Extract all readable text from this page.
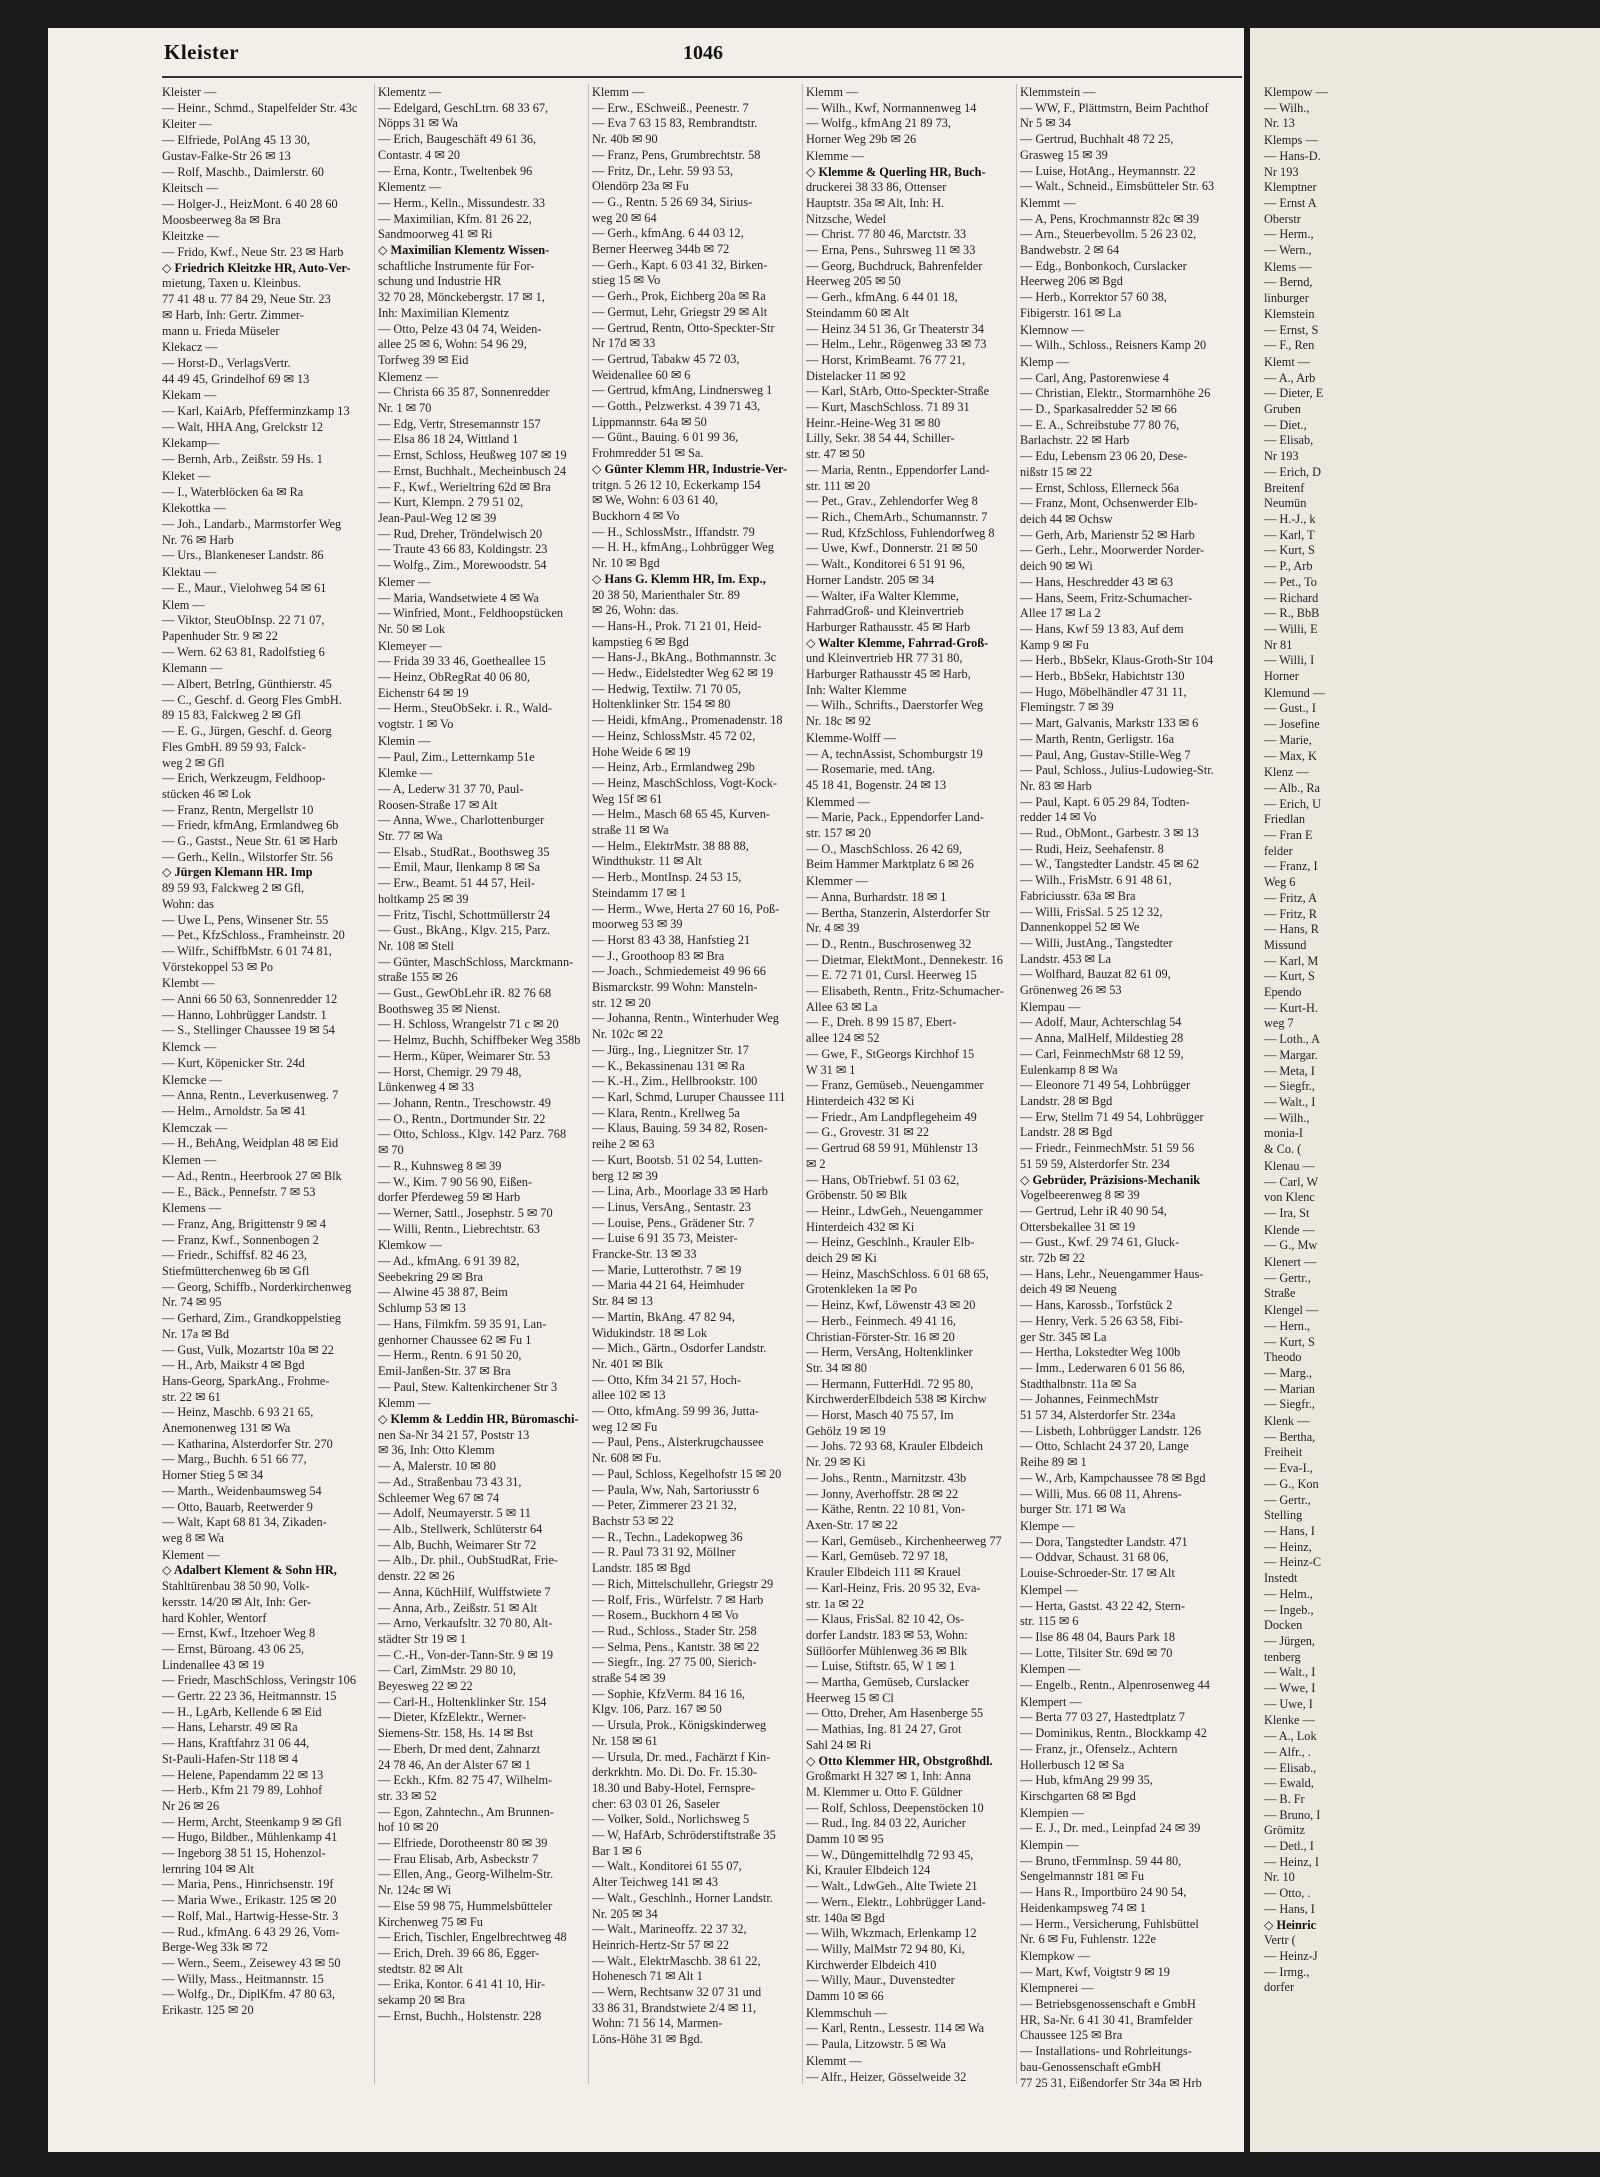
Kleister	1046
Kleister —
— Heinr., Schmd., Stapelfelder Str. 43c
Kleiter —
— Elfriede, PolAng 45 13 30,
Gustav-Falke-Str 26 ✉ 13
— Rolf, Maschb., Daimlerstr. 60
Kleitsch —
— Holger-J., HeizMont. 6 40 28 60
Moosbeerweg 8a ✉ Bra
Kleitzke —
— Frido, Kwf., Neue Str. 23 ✉ Harb
◇ Friedrich Kleitzke HR, Auto-Ver-
mietung, Taxen u. Kleinbus.
77 41 48 u. 77 84 29, Neue Str. 23
✉ Harb, Inh: Gertr. Zimmer-
mann u. Frieda Müseler
Klekacz —
— Horst-D., VerlagsVertr.
44 49 45, Grindelhof 69 ✉ 13
Klekam —
— Karl, KaiArb, Pfefferminzkamp 13
— Walt, HHA Ang, Grelckstr 12
Klekamp—
— Bernh, Arb., Zeißstr. 59 Hs. 1
Kleket —
— I., Waterblöcken 6a ✉ Ra
Klekottka —
— Joh., Landarb., Marmstorfer Weg
Nr. 76 ✉ Harb
— Urs., Blankeneser Landstr. 86
Klektau —
— E., Maur., Vielohweg 54 ✉ 61
Klem —
— Viktor, SteuObInsp. 22 71 07,
Papenhuder Str. 9 ✉ 22
— Wern. 62 63 81, Radolfstieg 6
Klemann —
— Albert, BetrIng, Günthierstr. 45
— C., Geschf. d. Georg Fles GmbH.
89 15 83, Falckweg 2 ✉ Gfl
— E. G., Jürgen, Geschf. d. Georg
Fles GmbH. 89 59 93, Falck-
weg 2 ✉ Gfl
— Erich, Werkzeugm, Feldhoop-
stücken 46 ✉ Lok
— Franz, Rentn, Mergellstr 10
— Friedr, kfmAng, Ermlandweg 6b
— G., Gastst., Neue Str. 61 ✉ Harb
— Gerh., Kelln., Wilstorfer Str. 56
◇ Jürgen Klemann HR. Imp
89 59 93, Falckweg 2 ✉ Gfl,
Wohn: das
— Uwe L, Pens, Winsener Str. 55
— Pet., KfzSchloss., Framheinstr. 20
— Wilfr., SchiffbMstr. 6 01 74 81,
Vörstekoppel 53 ✉ Po
Klembt —
— Anni 66 50 63, Sonnenredder 12
— Hanno, Lohbrügger Landstr. 1
— S., Stellinger Chaussee 19 ✉ 54
Klemck —
— Kurt, Köpenicker Str. 24d
Klemcke —
— Anna, Rentn., Leverkusenweg. 7
— Helm., Arnoldstr. 5a ✉ 41
Klemczak —
— H., BehAng, Weidplan 48 ✉ Eid
Klemen —
— Ad., Rentn., Heerbrook 27 ✉ Blk
— E., Bäck., Pennefstr. 7 ✉ 53
Klemens —
— Franz, Ang, Brigittenstr 9 ✉ 4
— Franz, Kwf., Sonnenbogen 2
— Friedr., Schiffsf. 82 46 23,
Stiefmütterchenweg 6b ✉ Gfl
— Georg, Schiffb., Norderkirchenweg
Nr. 74 ✉ 95
— Gerhard, Zim., Grandkoppelstieg
Nr. 17a ✉ Bd
— Gust, Vulk, Mozartstr 10a ✉ 22
— H., Arb, Maikstr 4 ✉ Bgd
Hans-Georg, SparkAng., Frohme-
str. 22 ✉ 61
— Heinz, Maschb. 6 93 21 65,
Anemonenweg 131 ✉ Wa
— Katharina, Alsterdorfer Str. 270
— Marg., Buchh. 6 51 66 77,
Horner Stieg 5 ✉ 34
— Marth., Weidenbaumsweg 54
— Otto, Bauarb, Reetwerder 9
— Walt, Kapt 68 81 34, Zikaden-
weg 8 ✉ Wa
Klement —
◇ Adalbert Klement & Sohn HR,
Stahltürenbau 38 50 90, Volk-
kersstr. 14/20 ✉ Alt, Inh: Ger-
hard Kohler, Wentorf
— Ernst, Kwf., Itzehoer Weg 8
— Ernst, Büroang. 43 06 25,
Lindenallee 43 ✉ 19
— Friedr, MaschSchloss, Veringstr 106
— Gertr. 22 23 36, Heitmannstr. 15
— H., LgArb, Kellende 6 ✉ Eid
— Hans, Leharstr. 49 ✉ Ra
— Hans, Kraftfahrz 31 06 44,
St-Pauli-Hafen-Str 118 ✉ 4
— Helene, Papendamm 22 ✉ 13
— Herb., Kfm 21 79 89, Lohhof
Nr 26 ✉ 26
— Herm, Archt, Steenkamp 9 ✉ Gfl
— Hugo, Bildber., Mühlenkamp 41
— Ingeborg 38 51 15, Hohenzol-
lernring 104 ✉ Alt
— Maria, Pens., Hinrichsenstr. 19f
— Maria Wwe., Erikastr. 125 ✉ 20
— Rolf, Mal., Hartwig-Hesse-Str. 3
— Rud., kfmAng. 6 43 29 26, Vom-
Berge-Weg 33k ✉ 72
— Wern., Seem., Zeisewey 43 ✉ 50
— Willy, Mass., Heitmannstr. 15
— Wolfg., Dr., DiplKfm. 47 80 63,
Erikastr. 125 ✉ 20
Klementz —
— Edelgard, GeschLtrn. 68 33 67,
Nöpps 31 ✉ Wa
— Erich, Baugeschäft 49 61 36,
Contastr. 4 ✉ 20
— Erna, Kontr., Tweltenbek 96
Klementz —
— Herm., Kelln., Missundestr. 33
— Maximilian, Kfm. 81 26 22,
Sandmoorweg 41 ✉ Ri
◇ Maximilian Klementz Wissen-
schaftliche Instrumente für For-
schung und Industrie HR
32 70 28, Mönckebergstr. 17 ✉ 1,
Inh: Maximilian Klementz
— Otto, Pelze 43 04 74, Weiden-
allee 25 ✉ 6, Wohn: 54 96 29,
Torfweg 39 ✉ Eid
Klemenz —
— Christa 66 35 87, Sonnenredder
Nr. 1 ✉ 70
— Edg, Vertr, Stresemannstr 157
— Elsa 86 18 24, Wittland 1
— Ernst, Schloss, Heußweg 107 ✉ 19
— Ernst, Buchhalt., Mecheinbusch 24
— F., Kwf., Werieltring 62d ✉ Bra
— Kurt, Klempn. 2 79 51 02,
Jean-Paul-Weg 12 ✉ 39
— Rud, Dreher, Tröndelwisch 20
— Traute 43 66 83, Koldingstr. 23
— Wolfg., Zim., Morewoodstr. 54
Klemer —
— Maria, Wandsetwiete 4 ✉ Wa
— Winfried, Mont., Feldhoopstücken
Nr. 50 ✉ Lok
Klemeyer —
— Frida 39 33 46, Goetheallee 15
— Heinz, ObRegRat 40 06 80,
Eichenstr 64 ✉ 19
— Herm., SteuObSekr. i. R., Wald-
vogtstr. 1 ✉ Vo
Klemin —
— Paul, Zim., Letternkamp 51e
Klemke —
— A, Lederw 31 37 70, Paul-
Roosen-Straße 17 ✉ Alt
— Anna, Wwe., Charlottenburger
Str. 77 ✉ Wa
— Elsab., StudRat., Boothsweg 35
— Emil, Maur, Ilenkamp 8 ✉ Sa
— Erw., Beamt. 51 44 57, Heil-
holtkamp 25 ✉ 39
— Fritz, Tischl, Schottmüllerstr 24
— Gust., BkAng., Klgv. 215, Parz.
Nr. 108 ✉ Stell
— Günter, MaschSchloss, Marckmann-
straße 155 ✉ 26
— Gust., GewObLehr iR. 82 76 68
Boothsweg 35 ✉ Nienst.
— H. Schloss, Wrangelstr 71 c ✉ 20
— Helmz, Buchh, Schiffbeker Weg 358b
— Herm., Küper, Weimarer Str. 53
— Horst, Chemigr. 29 79 48,
Lünkenweg 4 ✉ 33
— Johann, Rentn., Treschowstr. 49
— O., Rentn., Dortmunder Str. 22
— Otto, Schloss., Klgv. 142 Parz. 768
✉ 70
— R., Kuhnsweg 8 ✉ 39
— W., Kim. 7 90 56 90, Eißen-
dorfer Pferdeweg 59 ✉ Harb
— Werner, Sattl., Josephstr. 5 ✉ 70
— Willi, Rentn., Liebrechtstr. 63
Klemkow —
— Ad., kfmAng. 6 91 39 82,
Seebekring 29 ✉ Bra
— Alwine 45 38 87, Beim
Schlump 53 ✉ 13
— Hans, Filmkfm. 59 35 91, Lan-
genhorner Chaussee 62 ✉ Fu 1
— Herm., Rentn. 6 91 50 20,
Emil-Janßen-Str. 37 ✉ Bra
— Paul, Stew. Kaltenkirchener Str 3
Klemm —
◇ Klemm & Leddin HR, Büromaschi-
nen Sa-Nr 34 21 57, Poststr 13
✉ 36, Inh: Otto Klemm
— A, Malerstr. 10 ✉ 80
— Ad., Straßenbau 73 43 31,
Schleemer Weg 67 ✉ 74
— Adolf, Neumayerstr. 5 ✉ 11
— Alb., Stellwerk, Schlüterstr 64
— Alb, Buchh, Weimarer Str 72
— Alb., Dr. phil., OubStudRat, Frie-
denstr. 22 ✉ 26
— Anna, KüchHilf, Wulffstwiete 7
— Anna, Arb., Zeißstr. 51 ✉ Alt
— Arno, Verkaufsltr. 32 70 80, Alt-
städter Str 19 ✉ 1
— C.-H., Von-der-Tann-Str. 9 ✉ 19
— Carl, ZimMstr. 29 80 10,
Beyesweg 22 ✉ 22
— Carl-H., Holtenklinker Str. 154
— Dieter, KfzElektr., Werner-
Siemens-Str. 158, Hs. 14 ✉ Bst
— Eberh, Dr med dent, Zahnarzt
24 78 46, An der Alster 67 ✉ 1
— Eckh., Kfm. 82 75 47, Wilhelm-
str. 33 ✉ 52
— Egon, Zahntechn., Am Brunnen-
hof 10 ✉ 20
— Elfriede, Dorotheenstr 80 ✉ 39
— Frau Elisab, Arb, Asbeckstr 7
— Ellen, Ang., Georg-Wilhelm-Str.
Nr. 124c ✉ Wi
— Else 59 98 75, Hummelsbütteler
Kirchenweg 75 ✉ Fu
— Erich, Tischler, Engelbrechtweg 48
— Erich, Dreh. 39 66 86, Egger-
stedtstr. 82 ✉ Alt
— Erika, Kontor. 6 41 41 10, Hir-
sekamp 20 ✉ Bra
— Ernst, Buchh., Holstenstr. 228
Klemm —
— Erw., ESchweiß., Peenestr. 7
— Eva 7 63 15 83, Rembrandtstr.
Nr. 40b ✉ 90
— Franz, Pens, Grumbrechtstr. 58
— Fritz, Dr., Lehr. 59 93 53,
Olendörp 23a ✉ Fu
— G., Rentn. 5 26 69 34, Sirius-
weg 20 ✉ 64
— Gerh., kfmAng. 6 44 03 12,
Berner Heerweg 344b ✉ 72
— Gerh., Kapt. 6 03 41 32, Birken-
stieg 15 ✉ Vo
— Gerh., Prok, Eichberg 20a ✉ Ra
— Germut, Lehr, Griegstr 29 ✉ Alt
— Gertrud, Rentn, Otto-Speckter-Str
Nr 17d ✉ 33
— Gertrud, Tabakw 45 72 03,
Weidenallee 60 ✉ 6
— Gertrud, kfmAng, Lindnersweg 1
— Gotth., Pelzwerkst. 4 39 71 43,
Lippmannstr. 64a ✉ 50
— Günt., Bauing. 6 01 99 36,
Frohmredder 51 ✉ Sa.
◇ Günter Klemm HR, Industrie-Ver-
tritgn. 5 26 12 10, Eckerkamp 154
✉ We, Wohn: 6 03 61 40,
Buckhorn 4 ✉ Vo
— H., SchlossMstr., Iffandstr. 79
— H. H., kfmAng., Lohbrügger Weg
Nr. 10 ✉ Bgd
◇ Hans G. Klemm HR, Im. Exp.,
20 38 50, Marienthaler Str. 89
✉ 26, Wohn: das.
— Hans-H., Prok. 71 21 01, Heid-
kampstieg 6 ✉ Bgd
— Hans-J., BkAng., Bothmannstr. 3c
— Hedw., Eidelstedter Weg 62 ✉ 19
— Hedwig, Textilw. 71 70 05,
Holtenklinker Str. 154 ✉ 80
— Heidi, kfmAng., Promenadenstr. 18
— Heinz, SchlossMstr. 45 72 02,
Hohe Weide 6 ✉ 19
— Heinz, Arb., Ermlandweg 29b
— Heinz, MaschSchloss, Vogt-Kock-
Weg 15f ✉ 61
— Helm., Masch 68 65 45, Kurven-
straße 11 ✉ Wa
— Helm., ElektrMstr. 38 88 88,
Windthukstr. 11 ✉ Alt
— Herb., MontInsp. 24 53 15,
Steindamm 17 ✉ 1
— Herm., Wwe, Herta 27 60 16, Poß-
moorweg 53 ✉ 39
— Horst 83 43 38, Hanfstieg 21
— J., Groothoop 83 ✉ Bra
— Joach., Schmiedemeist 49 96 66
Bismarckstr. 99 Wohn: Mansteln-
str. 12 ✉ 20
— Johanna, Rentn., Winterhuder Weg
Nr. 102c ✉ 22
— Jürg., Ing., Liegnitzer Str. 17
— K., Bekassinenau 131 ✉ Ra
— K.-H., Zim., Hellbrookstr. 100
— Karl, Schmd, Luruper Chaussee 111
— Klara, Rentn., Krellweg 5a
— Klaus, Bauing. 59 34 82, Rosen-
reihe 2 ✉ 63
— Kurt, Bootsb. 51 02 54, Lutten-
berg 12 ✉ 39
— Lina, Arb., Moorlage 33 ✉ Harb
— Linus, VersAng., Sentastr. 23
— Louise, Pens., Grädener Str. 7
— Luise 6 91 35 73, Meister-
Francke-Str. 13 ✉ 33
— Marie, Lutterothstr. 7 ✉ 19
— Maria 44 21 64, Heimhuder
Str. 84 ✉ 13
— Martin, BkAng. 47 82 94,
Widukindstr. 18 ✉ Lok
— Mich., Gärtn., Osdorfer Landstr.
Nr. 401 ✉ Blk
— Otto, Kfm 34 21 57, Hoch-
allee 102 ✉ 13
— Otto, kfmAng. 59 99 36, Jutta-
weg 12 ✉ Fu
— Paul, Pens., Alsterkrugchaussee
Nr. 608 ✉ Fu.
— Paul, Schloss, Kegelhofstr 15 ✉ 20
— Paula, Ww, Nah, Sartoriusstr 6
— Peter, Zimmerer 23 21 32,
Bachstr 53 ✉ 22
— R., Techn., Ladekopweg 36
— R. Paul 73 31 92, Möllner
Landstr. 185 ✉ Bgd
— Rich, Mittelschullehr, Griegstr 29
— Rolf, Fris., Würfelstr. 7 ✉ Harb
— Rosem., Buckhorn 4 ✉ Vo
— Rud., Schloss., Stader Str. 258
— Selma, Pens., Kantstr. 38 ✉ 22
— Siegfr., Ing. 27 75 00, Sierich-
straße 54 ✉ 39
— Sophie, KfzVerm. 84 16 16,
Klgv. 106, Parz. 167 ✉ 50
— Ursula, Prok., Königskinderweg
Nr. 158 ✉ 61
— Ursula, Dr. med., Fachärzt f Kin-
derkrkhtn. Mo. Di. Do. Fr. 15.30-
18.30 und Baby-Hotel, Fernspre-
cher: 63 03 01 26, Saseler
— Volker, Sold., Norlichsweg 5
— W, HafArb, Schröderstiftstraße 35
Bar 1 ✉ 6
— Walt., Konditorei 61 55 07,
Alter Teichweg 141 ✉ 43
— Walt., Geschlnh., Horner Landstr.
Nr. 205 ✉ 34
— Walt., Marineoffz. 22 37 32,
Heinrich-Hertz-Str 57 ✉ 22
— Walt., ElektrMaschb. 38 61 22,
Hohenesch 71 ✉ Alt 1
— Wern, Rechtsanw 32 07 31 und
33 86 31, Brandstwiete 2/4 ✉ 11,
Wohn: 71 56 14, Marmen-
Löns-Höhe 31 ✉ Bgd.
Klemm —
— Wilh., Kwf, Normannenweg 14
— Wolfg., kfmAng 21 89 73,
Horner Weg 29b ✉ 26
Klemme —
◇ Klemme & Querling HR, Buch-
druckerei 38 33 86, Ottenser
Hauptstr. 35a ✉ Alt, Inh: H.
Nitzsche, Wedel
— Christ. 77 80 46, Marctstr. 33
— Erna, Pens., Suhrsweg 11 ✉ 33
— Georg, Buchdruck, Bahrenfelder
Heerweg 205 ✉ 50
— Gerh., kfmAng. 6 44 01 18,
Steindamm 60 ✉ Alt
— Heinz 34 51 36, Gr Theaterstr 34
— Helm., Lehr., Rögenweg 33 ✉ 73
— Horst, KrimBeamt. 76 77 21,
Distelacker 11 ✉ 92
— Karl, StArb, Otto-Speckter-Straße
— Kurt, MaschSchloss. 71 89 31
Heinr.-Heine-Weg 31 ✉ 80
Lilly, Sekr. 38 54 44, Schiller-
str. 47 ✉ 50
— Maria, Rentn., Eppendorfer Land-
str. 111 ✉ 20
— Pet., Grav., Zehlendorfer Weg 8
— Rich., ChemArb., Schumannstr. 7
— Rud, KfzSchloss, Fuhlendorfweg 8
— Uwe, Kwf., Donnerstr. 21 ✉ 50
— Walt., Konditorei 6 51 91 96,
Horner Landstr. 205 ✉ 34
— Walter, iFa Walter Klemme,
FahrradGroß- und Kleinvertrieb
Harburger Rathausstr. 45 ✉ Harb
◇ Walter Klemme, Fahrrad-Groß-
und Kleinvertrieb HR 77 31 80,
Harburger Rathausstr 45 ✉ Harb,
Inh: Walter Klemme
— Wilh., Schrifts., Daerstorfer Weg
Nr. 18c ✉ 92
Klemme-Wolff —
— A, technAssist, Schomburgstr 19
— Rosemarie, med. tAng.
45 18 41, Bogenstr. 24 ✉ 13
Klemmed —
— Marie, Pack., Eppendorfer Land-
str. 157 ✉ 20
— O., MaschSchloss. 26 42 69,
Beim Hammer Marktplatz 6 ✉ 26
Klemmer —
— Anna, Burhardstr. 18 ✉ 1
— Bertha, Stanzerin, Alsterdorfer Str
Nr. 4 ✉ 39
— D., Rentn., Buschrosenweg 32
— Dietmar, ElektMont., Dennekestr. 16
— E. 72 71 01, Cursl. Heerweg 15
— Elisabeth, Rentn., Fritz-Schumacher-
Allee 63 ✉ La
— F., Dreh. 8 99 15 87, Ebert-
allee 124 ✉ 52
— Gwe, F., StGeorgs Kirchhof 15
W 31 ✉ 1
— Franz, Gemüseb., Neuengammer
Hinterdeich 432 ✉ Ki
— Friedr., Am Landpflegeheim 49
— G., Grovestr. 31 ✉ 22
— Gertrud 68 59 91, Mühlenstr 13
✉ 2
— Hans, ObTriebwf. 51 03 62,
Gröbenstr. 50 ✉ Blk
— Heinr., LdwGeh., Neuengammer
Hinterdeich 432 ✉ Ki
— Heinz, Geschlnh., Krauler Elb-
deich 29 ✉ Ki
— Heinz, MaschSchloss. 6 01 68 65,
Grotenkleken 1a ✉ Po
— Heinz, Kwf, Löwenstr 43 ✉ 20
— Herb., Feinmech. 49 41 16,
Christian-Förster-Str. 16 ✉ 20
— Herm, VersAng, Holtenklinker
Str. 34 ✉ 80
— Hermann, FutterHdl. 72 95 80,
KirchwerderElbdeich 538 ✉ Kirchw
— Horst, Masch 40 75 57, Im
Gehölz 19 ✉ 19
— Johs. 72 93 68, Krauler Elbdeich
Nr. 29 ✉ Ki
— Johs., Rentn., Marnitzstr. 43b
— Jonny, Averhoffstr. 28 ✉ 22
— Käthe, Rentn. 22 10 81, Von-
Axen-Str. 17 ✉ 22
— Karl, Gemüseb., Kirchenheerweg 77
— Karl, Gemüseb. 72 97 18,
Krauler Elbdeich 111 ✉ Krauel
— Karl-Heinz, Fris. 20 95 32, Eva-
str. 1a ✉ 22
— Klaus, FrisSal. 82 10 42, Os-
dorfer Landstr. 183 ✉ 53, Wohn:
Süllöorfer Mühlenweg 36 ✉ Blk
— Luise, Stiftstr. 65, W 1 ✉ 1
— Martha, Gemüseb, Curslacker
Heerweg 15 ✉ Cl
— Otto, Dreher, Am Hasenberge 55
— Mathias, Ing. 81 24 27, Grot
Sahl 24 ✉ Ri
◇ Otto Klemmer HR, Obstgroßhdl.
Großmarkt H 327 ✉ 1, Inh: Anna
M. Klemmer u. Otto F. Güldner
— Rolf, Schloss, Deepenstöcken 10
— Rud., Ing. 84 03 22, Auricher
Damm 10 ✉ 95
— W., Düngemittelhdlg 72 93 45,
Ki, Krauler Elbdeich 124
— Walt., LdwGeh., Alte Twiete 21
— Wern., Elektr., Lohbrügger Land-
str. 140a ✉ Bgd
— Wilh, Wkzmach, Erlenkamp 12
— Willy, MalMstr 72 94 80, Ki,
Kirchwerder Elbdeich 410
— Willy, Maur., Duvenstedter
Damm 10 ✉ 66
Klemmschuh —
— Karl, Rentn., Lessestr. 114 ✉ Wa
— Paula, Litzowstr. 5 ✉ Wa
Klemmt —
— Alfr., Heizer, Gösselweide 32
Klemmstein —
— WW, F., Plättmstrn, Beim Pachthof
Nr 5 ✉ 34
— Gertrud, Buchhalt 48 72 25,
Grasweg 15 ✉ 39
— Luise, HotAng., Heymannstr. 22
— Walt., Schneid., Eimsbütteler Str. 63
Klemmt —
— A, Pens, Krochmannstr 82c ✉ 39
— Arn., Steuerbevollm. 5 26 23 02,
Bandwebstr. 2 ✉ 64
— Edg., Bonbonkoch, Curslacker
Heerweg 206 ✉ Bgd
— Herb., Korrektor 57 60 38,
Fibigerstr. 161 ✉ La
Klemnow —
— Wilh., Schloss., Reisners Kamp 20
Klemp —
— Carl, Ang, Pastorenwiese 4
— Christian, Elektr., Stormarnhöhe 26
— D., Sparkasalredder 52 ✉ 66
— E. A., Schreibstube 77 80 76,
Barlachstr. 22 ✉ Harb
— Edu, Lebensm 23 06 20, Dese-
nißstr 15 ✉ 22
— Ernst, Schloss, Ellerneck 56a
— Franz, Mont, Ochsenwerder Elb-
deich 44 ✉ Ochsw
— Gerh, Arb, Marienstr 52 ✉ Harb
— Gerh., Lehr., Moorwerder Norder-
deich 90 ✉ Wi
— Hans, Heschredder 43 ✉ 63
— Hans, Seem, Fritz-Schumacher-
Allee 17 ✉ La 2
— Hans, Kwf 59 13 83, Auf dem
Kamp 9 ✉ Fu
— Herb., BbSekr, Klaus-Groth-Str 104
— Herb., BbSekr, Habichtstr 130
— Hugo, Möbelhändler 47 31 11,
Flemingstr. 7 ✉ 39
— Mart, Galvanis, Markstr 133 ✉ 6
— Marth, Rentn, Gerligstr. 16a
— Paul, Ang, Gustav-Stille-Weg 7
— Paul, Schloss., Julius-Ludowieg-Str.
Nr. 83 ✉ Harb
— Paul, Kapt. 6 05 29 84, Todten-
redder 14 ✉ Vo
— Rud., ObMont., Garbestr. 3 ✉ 13
— Rudi, Heiz, Seehafenstr. 8
— W., Tangstedter Landstr. 45 ✉ 62
— Wilh., FrisMstr. 6 91 48 61,
Fabriciusstr. 63a ✉ Bra
— Willi, FrisSal. 5 25 12 32,
Dannenkoppel 52 ✉ We
— Willi, JustAng., Tangstedter
Landstr. 453 ✉ La
— Wolfhard, Bauzat 82 61 09,
Grönenweg 26 ✉ 53
Klempau —
— Adolf, Maur, Achterschlag 54
— Anna, MalHelf, Mildestieg 28
— Carl, FeinmechMstr 68 12 59,
Eulenkamp 8 ✉ Wa
— Eleonore 71 49 54, Lohbrügger
Landstr. 28 ✉ Bgd
— Erw, Stellm 71 49 54, Lohbrügger
Landstr. 28 ✉ Bgd
— Friedr., FeinmechMstr. 51 59 56
51 59 59, Alsterdorfer Str. 234
◇ Gebrüder, Präzisions-Mechanik
Vogelbeerenweg 8 ✉ 39
— Gertrud, Lehr iR 40 90 54,
Ottersbekallee 31 ✉ 19
— Gust., Kwf. 29 74 61, Gluck-
str. 72b ✉ 22
— Hans, Lehr., Neuengammer Haus-
deich 49 ✉ Neueng
— Hans, Karossb., Torfstück 2
— Henry, Verk. 5 26 63 58, Fibi-
ger Str. 345 ✉ La
— Hertha, Lokstedter Weg 100b
— Imm., Lederwaren 6 01 56 86,
Stadthalbnstr. 11a ✉ Sa
— Johannes, FeinmechMstr
51 57 34, Alsterdorfer Str. 234a
— Lisbeth, Lohbrügger Landstr. 126
— Otto, Schlacht 24 37 20, Lange
Reihe 89 ✉ 1
— W., Arb, Kampchaussee 78 ✉ Bgd
— Willi, Mus. 66 08 11, Ahrens-
burger Str. 171 ✉ Wa
Klempe —
— Dora, Tangstedter Landstr. 471
— Oddvar, Schaust. 31 68 06,
Louise-Schroeder-Str. 17 ✉ Alt
Klempel —
— Herta, Gastst. 43 22 42, Stern-
str. 115 ✉ 6
— Ilse 86 48 04, Baurs Park 18
— Lotte, Tilsiter Str. 69d ✉ 70
Klempen —
— Engelb., Rentn., Alpenrosenweg 44
Klempert —
— Berta 77 03 27, Hastedtplatz 7
— Dominikus, Rentn., Blockkamp 42
— Franz, jr., Ofenselz., Achtern
Hollerbusch 12 ✉ Sa
— Hub, kfmAng 29 99 35,
Kirschgarten 68 ✉ Bgd
Klempien —
— E. J., Dr. med., Leinpfad 24 ✉ 39
Klempin —
— Bruno, tFernmInsp. 59 44 80,
Sengelmannstr 181 ✉ Fu
— Hans R., Importbüro 24 90 54,
Heidenkampsweg 74 ✉ 1
— Herm., Versicherung, Fuhlsbüttel
Nr. 6 ✉ Fu, Fuhlenstr. 122e
Klempkow —
— Mart, Kwf, Voigtstr 9 ✉ 19
Klempnerei —
— Betriebsgenossenschaft e GmbH
HR, Sa-Nr. 6 41 30 41, Bramfelder
Chaussee 125 ✉ Bra
— Installations- und Rohrleitungs-
bau-Genossenschaft eGmbH
77 25 31, Eißendorfer Str 34a ✉ Hrb
Klempow —
— Wilh.,
Nr. 13
Klemps —
— Hans-D.
Nr 193
Klemptner
— Ernst A
Oberstr
— Herm.,
— Wern.,
Klems —
— Bernd,
linburger
Klemstein
— Ernst, S
— F., Ren
Klemt —
— A., Arb
— Dieter, E
Gruben
— Diet.,
— Elisab,
Nr 193
— Erich, D
Breitenf
Neumün
— H.-J., k
— Karl, T
— Kurt, S
— P., Arb
— Pet., To
— Richard
— R., BbB
— Willi, E
Nr 81
— Willi, I
Horner
Klemund —
— Gust., I
— Josefine
— Marie,
— Max, K
Klenz —
— Alb., Ra
— Erich, U
Friedlan
— Fran E
felder
— Franz, I
Weg 6
— Fritz, A
— Fritz, R
— Hans, R
Missund
— Karl, M
— Kurt, S
Ependo
— Kurt-H.
weg 7
— Loth., A
— Margar.
— Meta, I
— Siegfr.,
— Walt., I
— Wilh.,
monia-I
& Co. (
Klenau —
— Carl, W
von Klenc
— Ira, St
Klende —
— G., Mw
Klenert —
— Gertr.,
Straße
Klengel —
— Hern.,
— Kurt, S
Theodo
— Marg.,
— Marian
— Siegfr.,
Klenk —
— Bertha,
Freiheit
— Eva-I.,
— G., Kon
— Gertr.,
Stelling
— Hans, I
— Heinz,
— Heinz-C
Instedt
— Helm.,
— Ingeb.,
Docken
— Jürgen,
tenberg
— Walt., I
— Wwe, I
— Uwe, I
Klenke —
— A., Lok
— Alfr., .
— Elisab.,
— Ewald,
— B. Fr
— Bruno, I
Grömitz
— Detl., I
— Heinz, I
Nr. 10
— Otto, .
— Hans, I
◇ Heinric
Vertr (
— Heinz-J
— Irmg.,
dorfer
